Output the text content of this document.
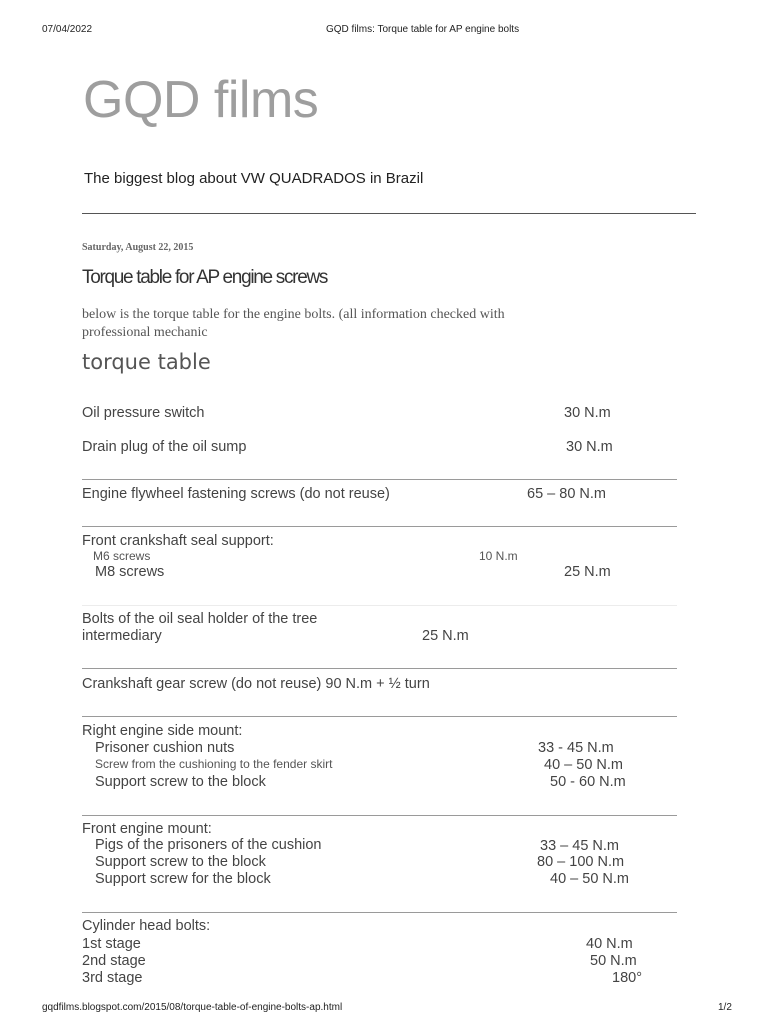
07/04/2022	GQD films: Torque table for AP engine bolts
GQD films
The biggest blog about VW QUADRADOS in Brazil
Saturday, August 22, 2015
Torque table for AP engine screws
below is the torque table for the engine bolts. (all information checked with professional mechanic
torque table
Oil pressure switch	30 N.m
Drain plug of the oil sump	30 N.m
Engine flywheel fastening screws (do not reuse)	65 – 80 N.m
Front crankshaft seal support:
M6 screws	10 N.m
M8 screws	25 N.m
Bolts of the oil seal holder of the tree
intermediary	25 N.m
Crankshaft gear screw (do not reuse) 90 N.m + ½ turn
Right engine side mount:
Prisoner cushion nuts	33 - 45 N.m
Screw from the cushioning to the fender skirt	40 – 50 N.m
Support screw to the block	50 - 60 N.m
Front engine mount:
Pigs of the prisoners of the cushion	33 – 45 N.m
Support screw to the block	80 – 100 N.m
Support screw for the block	40 – 50 N.m
Cylinder head bolts:
1st stage	40 N.m
2nd stage	50 N.m
3rd stage	180°
gqdfilms.blogspot.com/2015/08/torque-table-of-engine-bolts-ap.html	1/2
